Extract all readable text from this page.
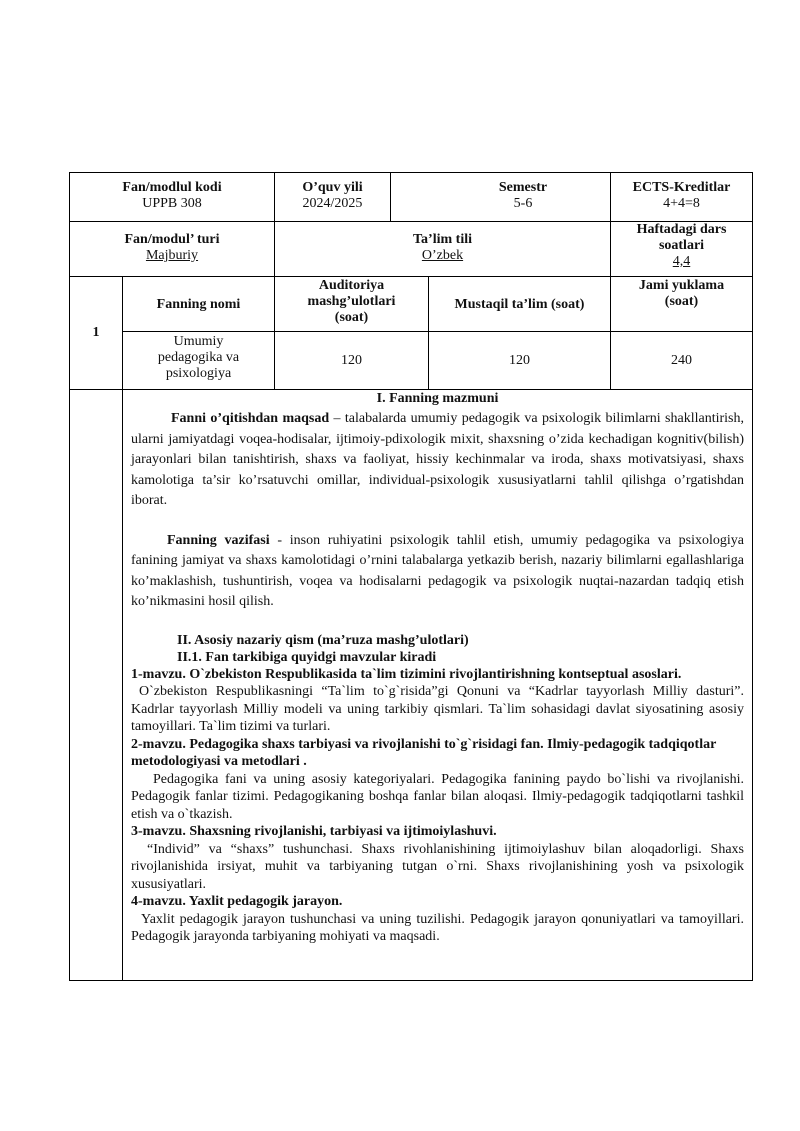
Fan/modlul kodi
UPPB 308
O’quv yili
2024/2025
Semestr
5-6
ECTS-Kreditlar
4+4=8
Fan/modul’ turi
Majburiy
Ta’lim tili
O’zbek
Haftadagi dars
soatlari
4,4
1
Fanning nomi
Auditoriya
mashg’ulotlari
(soat)
Mustaqil ta’lim (soat)
Jami yuklama
(soat)
Umumiy
pedagogika va
psixologiya
120	120	240
I. Fanning mazmuni

Fanni o’qitishdan maqsad – talabalarda umumiy pedagogik va psixologik bilimlarni shakllantirish, ularni jamiyatdagi voqea-hodisalar, ijtimoiy-pdixologik mixit, shaxsning o’zida kechadigan kognitiv(bilish) jarayonlari bilan tanishtirish, shaxs va faoliyat, hissiy kechinmalar va iroda, shaxs motivatsiyasi, shaxs kamolotiga ta’sir ko’rsatuvchi omillar, individual-psixologik xususiyatlarni tahlil qilishga o’rgatishdan iborat.

Fanning vazifasi - inson ruhiyatini psixologik tahlil etish, umumiy pedagogika va psixologiya fanining jamiyat va shaxs kamolotidagi o’rnini talabalarga yetkazib berish, nazariy bilimlarni egallashlariga ko’maklashish, tushuntirish, voqea va hodisalarni pedagogik va psixologik nuqtai-nazardan tadqiq etish ko’nikmasini hosil qilish.

II. Asosiy nazariy qism (ma’ruza mashg’ulotlari)
II.1. Fan tarkibiga quyidgi mavzular kiradi
1-mavzu. O`zbekiston Respublikasida ta`lim tizimini rivojlantirishning kontseptual asoslari.

O`zbekiston Respublikasningi “Ta`lim to`g`risida”gi Qonuni va “Kadrlar tayyorlash Milliy dasturi”. Kadrlar tayyorlash Milliy modeli va uning tarkibiy qismlari. Ta`lim sohasidagi davlat siyosatining asosiy tamoyillari. Ta`lim tizimi va turlari.

2-mavzu. Pedagogika shaxs tarbiyasi va rivojlanishi to`g`risidagi fan. Ilmiy-pedagogik tadqiqotlar metodologiyasi va metodlari .

Pedagogika fani va uning asosiy kategoriyalari. Pedagogika fanining paydo bo`lishi va rivojlanishi. Pedagogik fanlar tizimi. Pedagogikaning boshqa fanlar bilan aloqasi. Ilmiy-pedagogik tadqiqotlarni tashkil etish va o`tkazish.

3-mavzu. Shaxsning rivojlanishi, tarbiyasi va ijtimoiylashuvi.

“Individ” va “shaxs” tushunchasi. Shaxs rivohlanishining ijtimoiylashuv bilan aloqadorligi. Shaxs rivojlanishida irsiyat, muhit va tarbiyaning tutgan o`rni. Shaxs rivojlanishining yosh va psixologik xususiyatlari.

4-mavzu. Yaxlit pedagogik jarayon.

Yaxlit pedagogik jarayon tushunchasi va uning tuzilishi. Pedagogik jarayon qonuniyatlari va tamoyillari. Pedagogik jarayonda tarbiyaning mohiyati va maqsadi.
